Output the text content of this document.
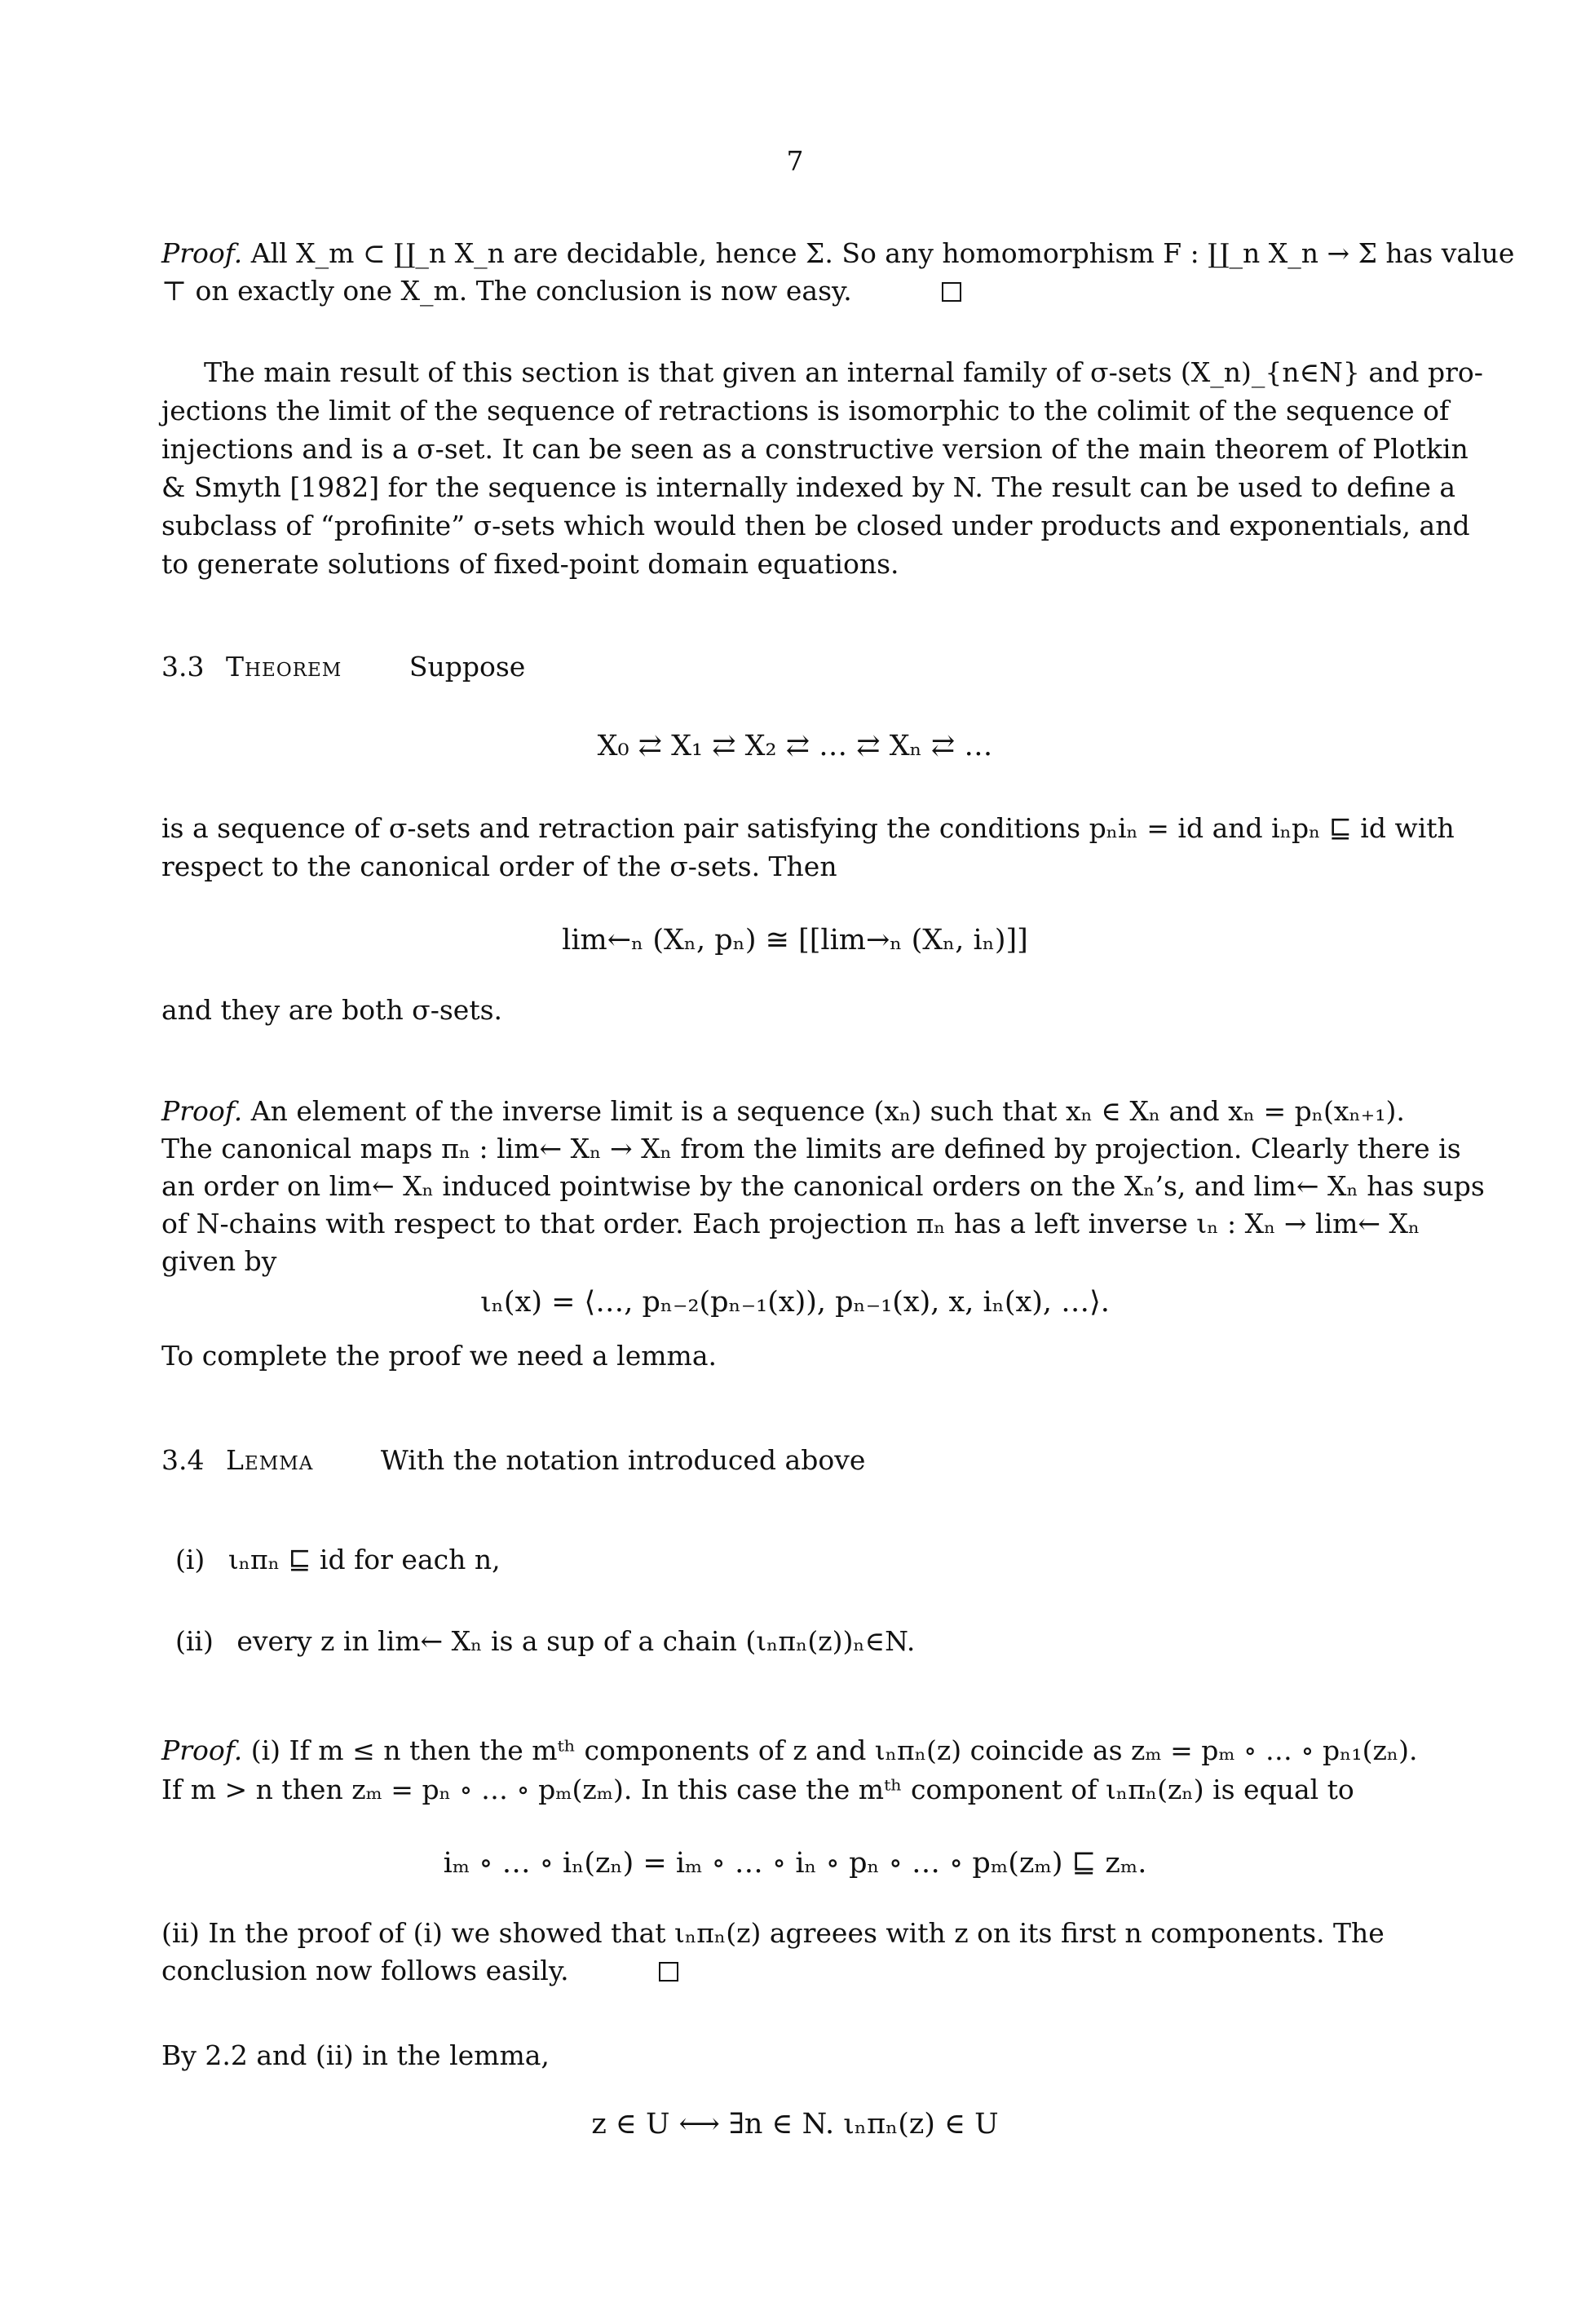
7
Proof. All X_m ⊂ ∐_n X_n are decidable, hence Σ. So any homomorphism F : ∐_n X_n → Σ has value
⊤ on exactly one X_m. The conclusion is now easy.
The main result of this section is that given an internal family of σ-sets (X_n)_{n∈N} and pro-
jections the limit of the sequence of retractions is isomorphic to the colimit of the sequence of
injections and is a σ-set. It can be seen as a constructive version of the main theorem of Plotkin
& Smyth [1982] for the sequence is internally indexed by N. The result can be used to define a
subclass of “profinite” σ-sets which would then be closed under products and exponentials, and
to generate solutions of fixed-point domain equations.
3.3 Theorem	Suppose
X₀ ⇄ X₁ ⇄ X₂ ⇄ … ⇄ Xₙ ⇄ …
is a sequence of σ-sets and retraction pair satisfying the conditions pₙiₙ = id and iₙpₙ ⊑ id with
respect to the canonical order of the σ-sets. Then
lim←ₙ (Xₙ, pₙ) ≅ [[lim→ₙ (Xₙ, iₙ)]]
and they are both σ-sets.
Proof. An element of the inverse limit is a sequence (xₙ) such that xₙ ∈ Xₙ and xₙ = pₙ(xₙ₊₁).
The canonical maps πₙ : lim← Xₙ → Xₙ from the limits are defined by projection. Clearly there is
an order on lim← Xₙ induced pointwise by the canonical orders on the Xₙ’s, and lim← Xₙ has sups
of N-chains with respect to that order. Each projection πₙ has a left inverse ιₙ : Xₙ → lim← Xₙ
given by
ιₙ(x) = ⟨…, pₙ₋₂(pₙ₋₁(x)), pₙ₋₁(x), x, iₙ(x), …⟩.
To complete the proof we need a lemma.
3.4 Lemma	With the notation introduced above
(i) ιₙπₙ ⊑ id for each n,
(ii) every z in lim← Xₙ is a sup of a chain (ιₙπₙ(z))ₙ∈N.
Proof. (i) If m ≤ n then the mᵗʰ components of z and ιₙπₙ(z) coincide as zₘ = pₘ ∘ … ∘ pₙ₁(zₙ).
If m > n then zₘ = pₙ ∘ … ∘ pₘ(zₘ). In this case the mᵗʰ component of ιₙπₙ(zₙ) is equal to
iₘ ∘ … ∘ iₙ(zₙ) = iₘ ∘ … ∘ iₙ ∘ pₙ ∘ … ∘ pₘ(zₘ) ⊑ zₘ.
(ii) In the proof of (i) we showed that ιₙπₙ(z) agreees with z on its first n components. The
conclusion now follows easily.
By 2.2 and (ii) in the lemma,
z ∈ U ⟷ ∃n ∈ N. ιₙπₙ(z) ∈ U
